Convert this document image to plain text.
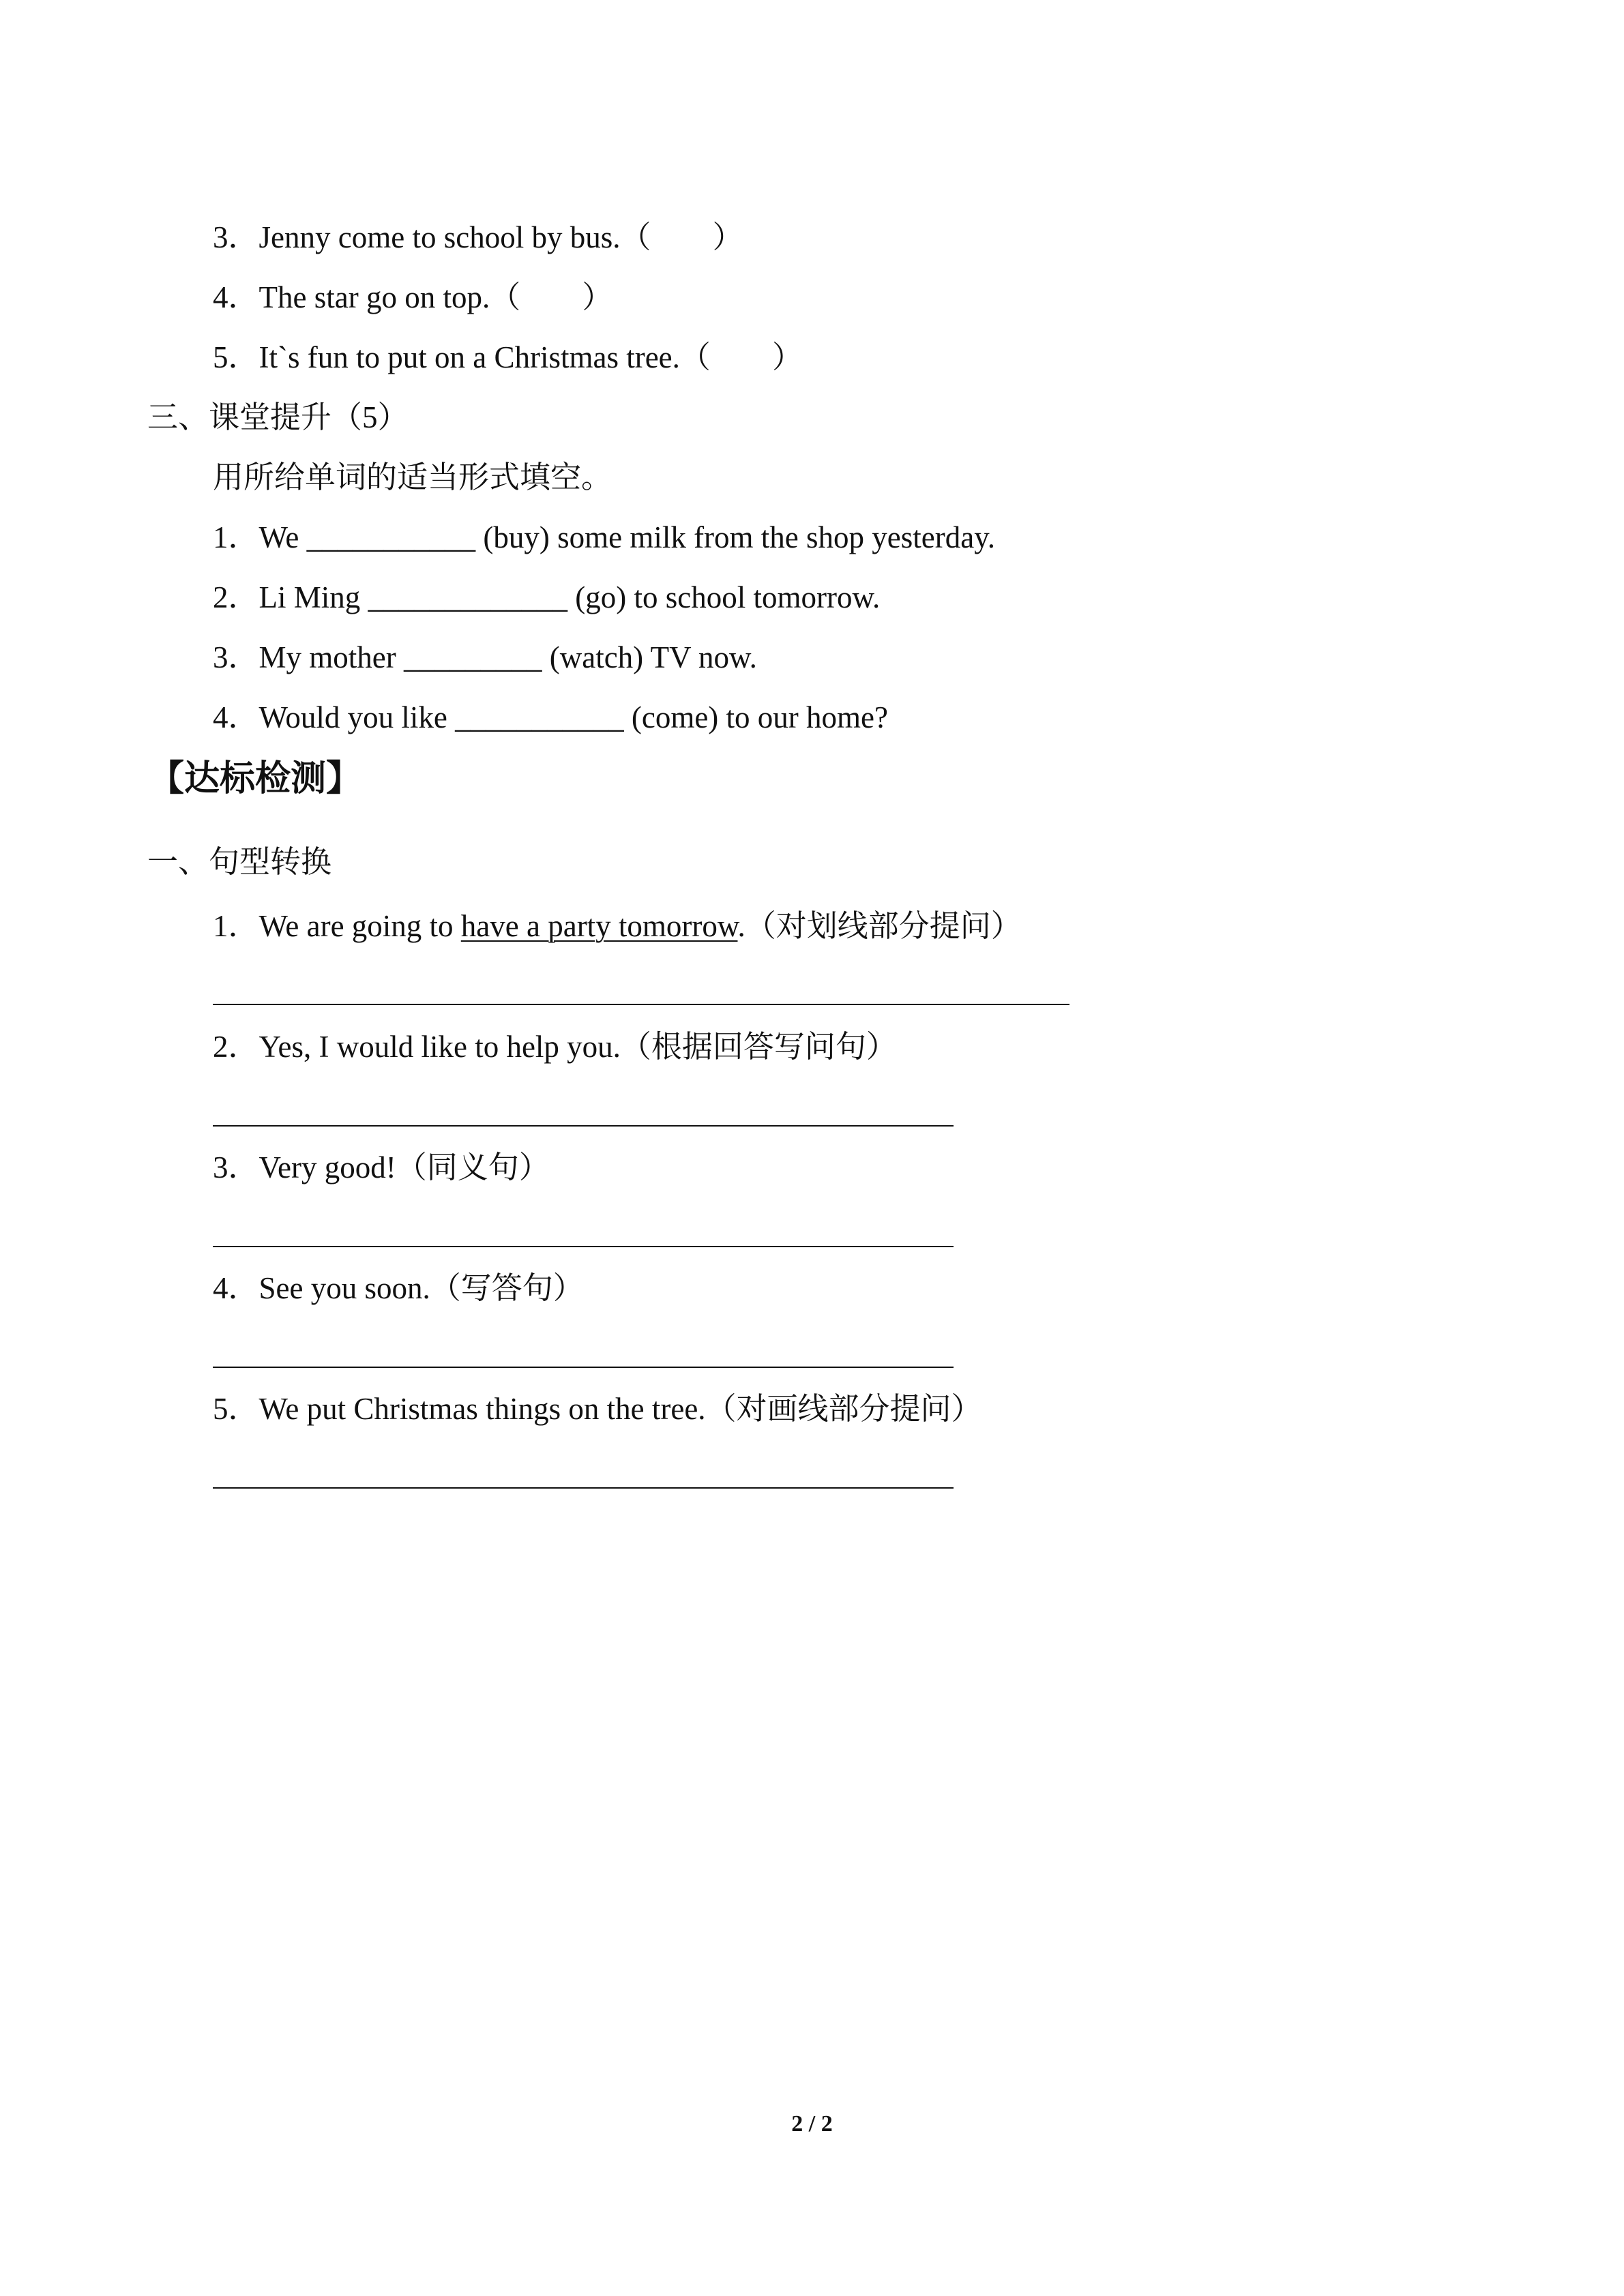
3．Jenny come to school by bus.（　　）
4．The star go on top.（　　）
5．It`s fun to put on a Christmas tree.（　　）
三、课堂提升（5）
用所给单词的适当形式填空。
1．We ___________ (buy) some milk from the shop yesterday.
2．Li Ming _____________ (go) to school tomorrow.
3．My mother _________ (watch) TV now.
4．Would you like ___________ (come) to our home?
【达标检测】
一、句型转换
1．We are going to have a party tomorrow.（对划线部分提问）
2．Yes, I would like to help you.（根据回答写问句）
3．Very good!（同义句）
4．See you soon.（写答句）
5．We put Christmas things on the tree.（对画线部分提问）
2 / 2
